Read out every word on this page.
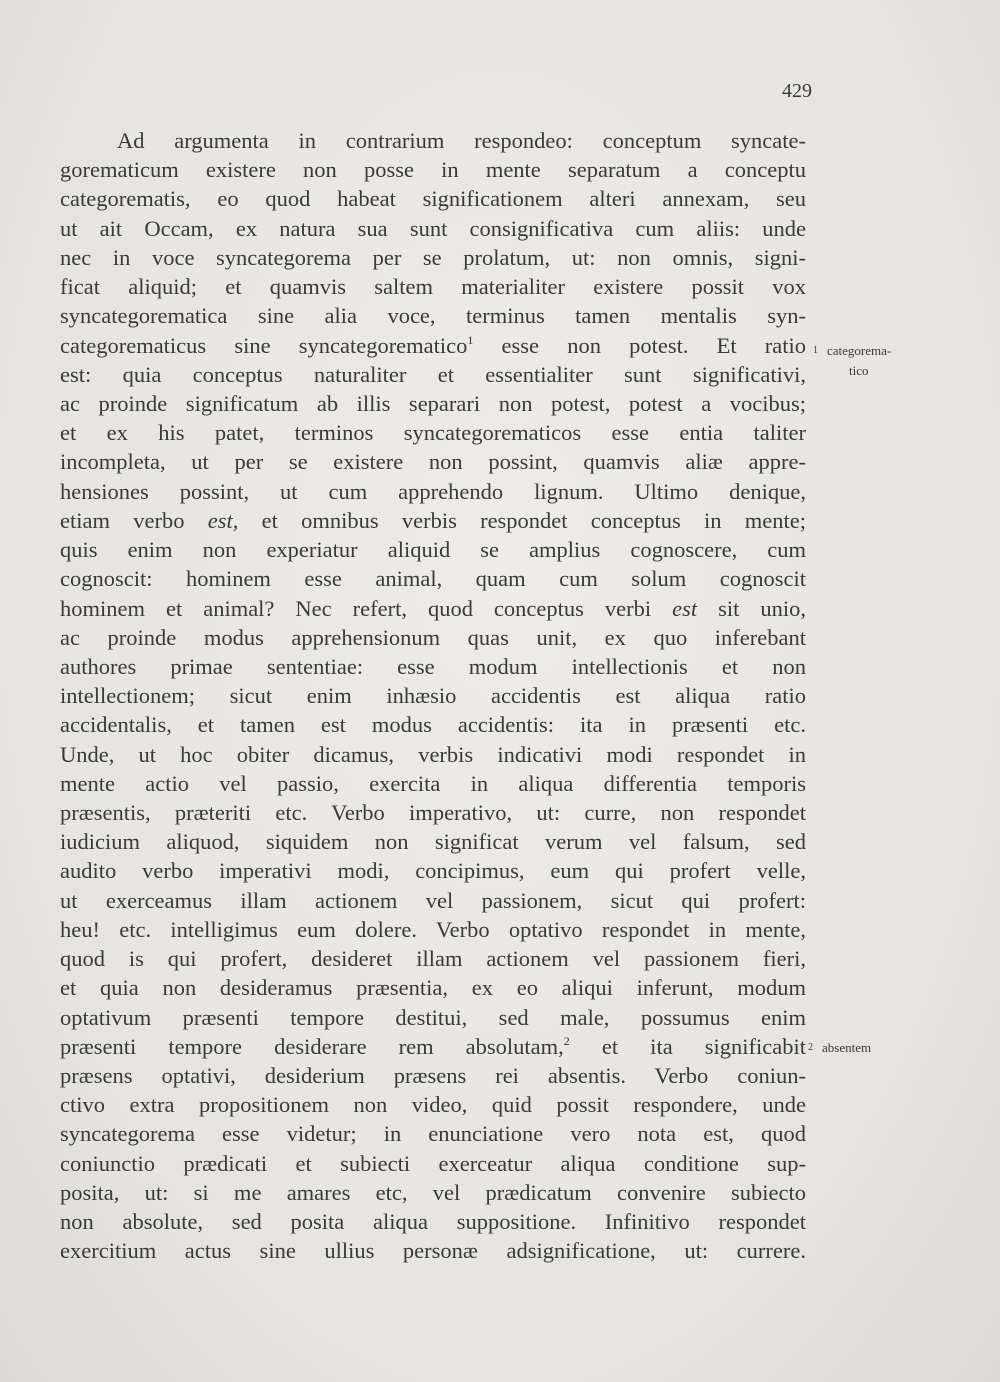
429
Ad argumenta in contrarium respondeo: conceptum syncate-
gorematicum existere non posse in mente separatum a conceptu
categorematis, eo quod habeat significationem alteri annexam, seu
ut ait Occam, ex natura sua sunt consignificativa cum aliis: unde
nec in voce syncategorema per se prolatum, ut: non omnis, signi-
ficat aliquid; et quamvis saltem materialiter existere possit vox
syncategorematica sine alia voce, terminus tamen mentalis syn-
categorematicus sine syncategorematico$^1$ esse non potest. Et ratio
est: quia conceptus naturaliter et essentialiter sunt significativi,
ac proinde significatum ab illis separari non potest, potest a vocibus;
et ex his patet, terminos syncategorematicos esse entia taliter
incompleta, ut per se existere non possint, quamvis aliæ appre-
hensiones possint, ut cum apprehendo lignum. Ultimo denique,
etiam verbo est, et omnibus verbis respondet conceptus in mente;
quis enim non experiatur aliquid se amplius cognoscere, cum
cognoscit: hominem esse animal, quam cum solum cognoscit
hominem et animal? Nec refert, quod conceptus verbi est sit unio,
ac proinde modus apprehensionum quas unit, ex quo inferebant
authores primae sententiae: esse modum intellectionis et non
intellectionem; sicut enim inhæsio accidentis est aliqua ratio
accidentalis, et tamen est modus accidentis: ita in præsenti etc.
Unde, ut hoc obiter dicamus, verbis indicativi modi respondet in
mente actio vel passio, exercita in aliqua differentia temporis
præsentis, præteriti etc. Verbo imperativo, ut: curre, non respondet
iudicium aliquod, siquidem non significat verum vel falsum, sed
audito verbo imperativi modi, concipimus, eum qui profert velle,
ut exerceamus illam actionem vel passionem, sicut qui profert:
heu! etc. intelligimus eum dolere. Verbo optativo respondet in mente,
quod is qui profert, desideret illam actionem vel passionem fieri,
et quia non desideramus præsentia, ex eo aliqui inferunt, modum
optativum præsenti tempore destitui, sed male, possumus enim
præsenti tempore desiderare rem absolutam,$^2$ et ita significabit
præsens optativi, desiderium præsens rei absentis. Verbo coniun-
ctivo extra propositionem non video, quid possit respondere, unde
syncategorema esse videtur; in enunciatione vero nota est, quod
coniunctio prædicati et subiecti exerceatur aliqua conditione sup-
posita, ut: si me amares etc, vel prædicatum convenire subiecto
non absolute, sed posita aliqua suppositione. Infinitivo respondet
exercitium actus sine ullius personæ adsignificatione, ut: currere.
1 categorema-
tico
2 absentem
